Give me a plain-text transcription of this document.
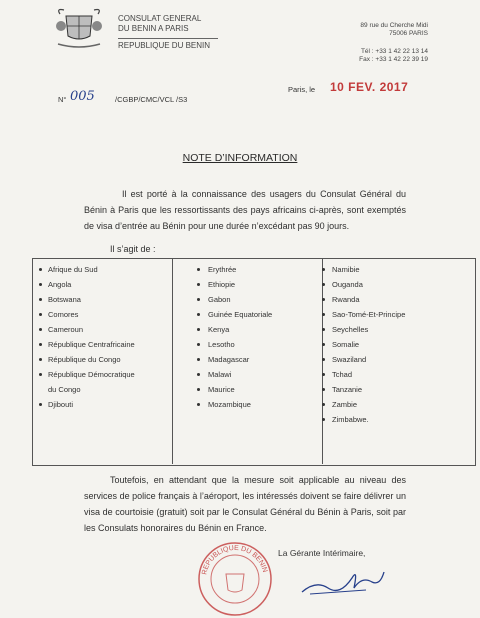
CONSULAT GENERAL
DU BENIN A PARIS
REPUBLIQUE DU BENIN
89 rue du Cherche Midi
75006 PARIS
Tél : +33 1 42 22 13 14
Fax : +33 1 42 22 39 19
Paris, le 10 FEV. 2017
N° 005	/CGBP/CMC/VCL /S3
NOTE D’INFORMATION
Il est porté à la connaissance des usagers du Consulat Général du Bénin à Paris que les ressortissants des pays africains ci-après, sont exemptés de visa d’entrée au Bénin pour une durée n’excédant pas 90 jours.
Il s’agit de :
Afrique du Sud
Angola
Botswana
Comores
Cameroun
République Centrafricaine
République du Congo
République Démocratique
du Congo
Djibouti
Erythrée
Ethiopie
Gabon
Guinée Equatoriale
Kenya
Lesotho
Madagascar
Malawi
Maurice
Mozambique
Namibie
Ouganda
Rwanda
Sao-Tomé-Et-Principe
Seychelles
Somalie
Swaziland
Tchad
Tanzanie
Zambie
Zimbabwe.
Toutefois, en attendant que la mesure soit applicable au niveau des services de police français à l’aéroport, les intéressés doivent se faire délivrer un visa de courtoisie (gratuit) soit par le Consulat Général du Bénin à Paris, soit par les Consulats honoraires du Bénin en France.
REPUBLIQUE DU BENIN
La Gérante Intérimaire,
